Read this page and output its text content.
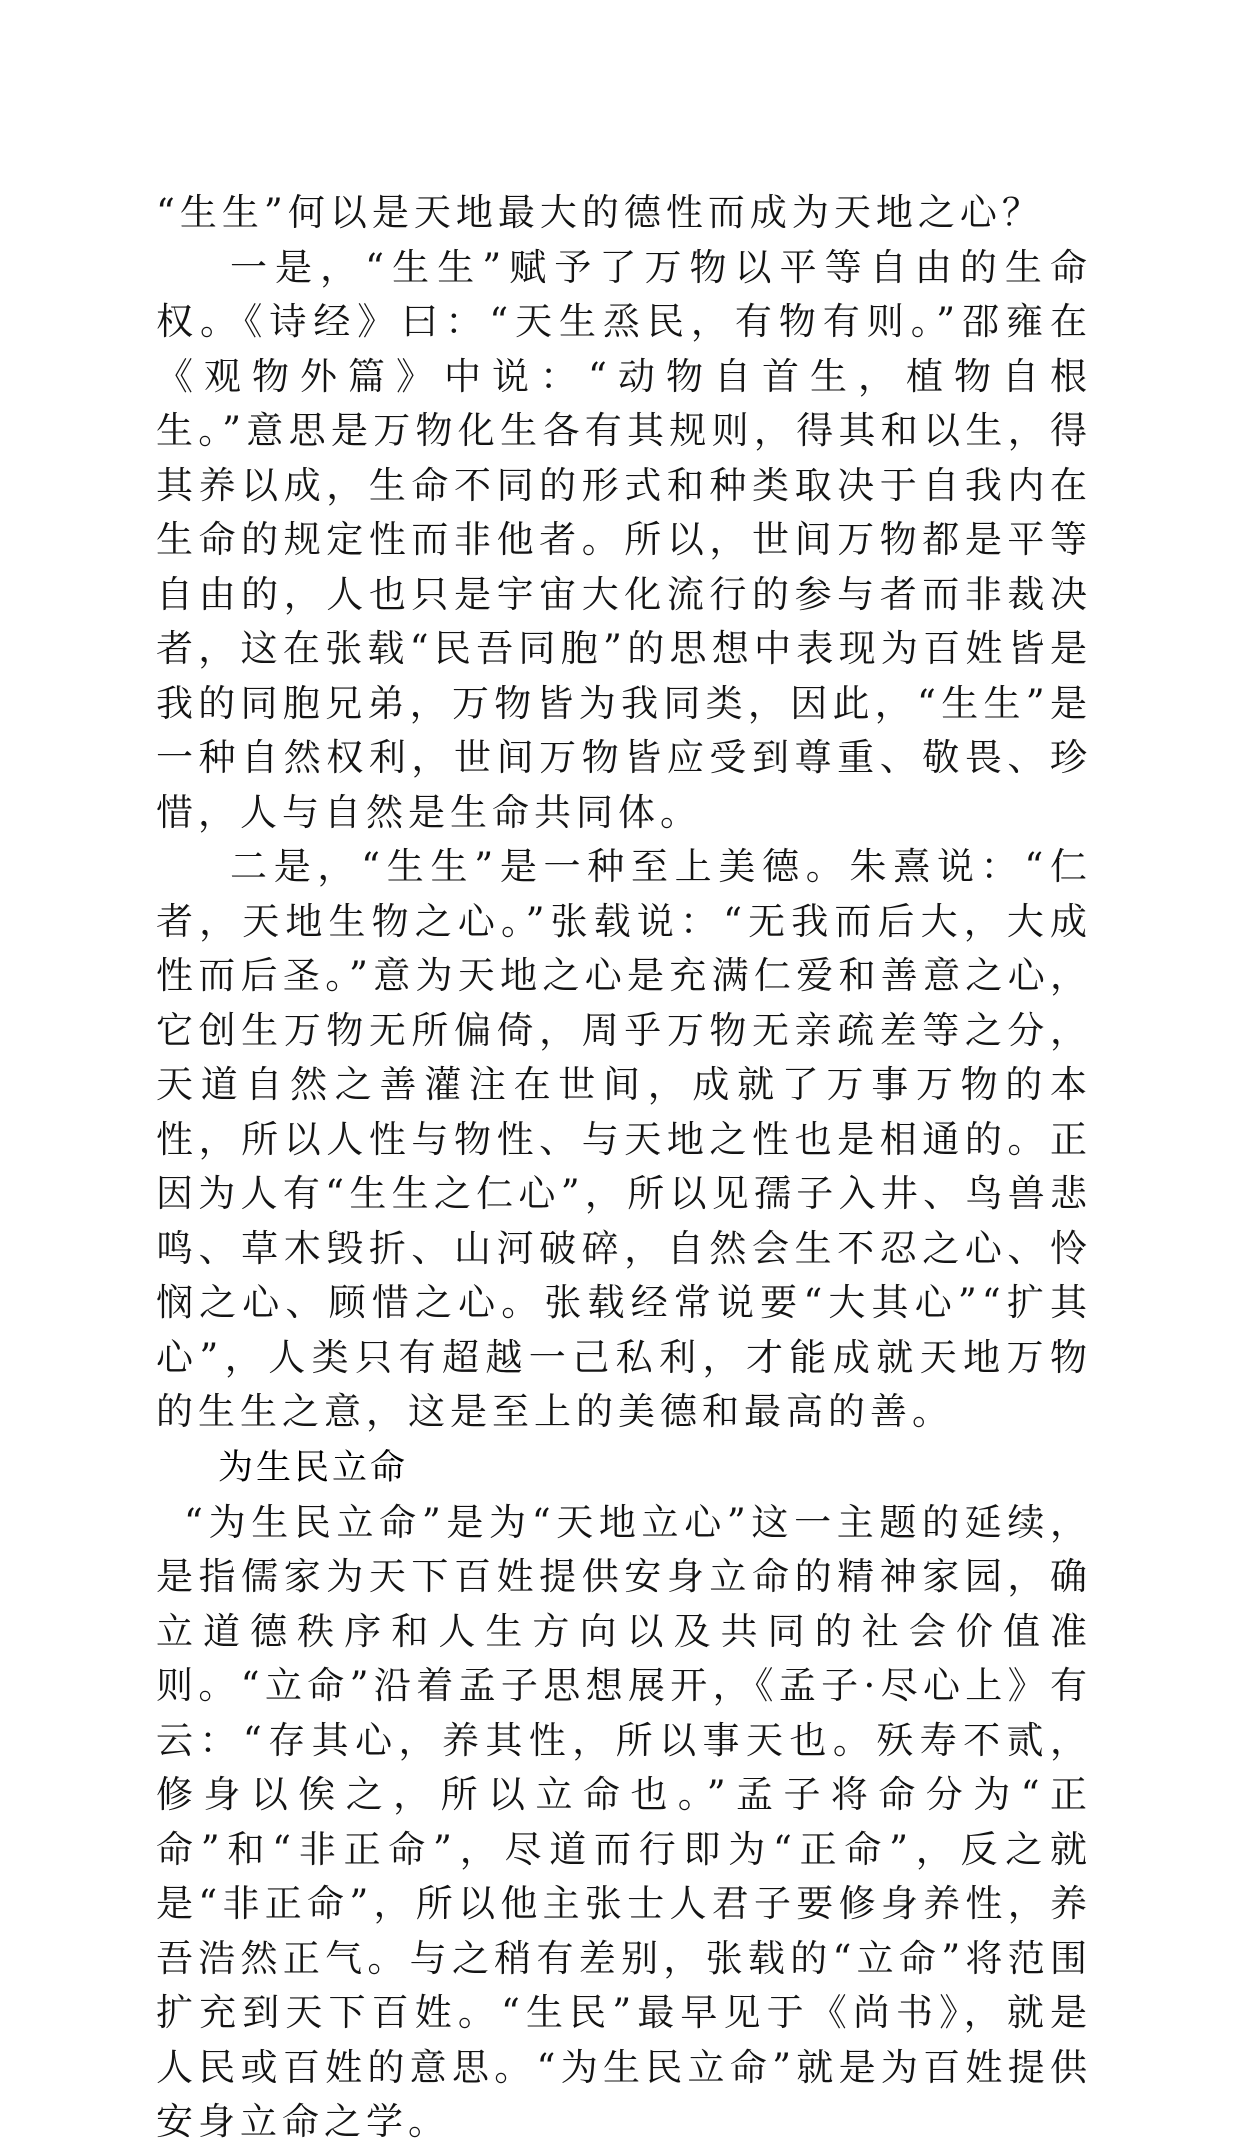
“生生”何以是天地最大的德性而成为天地之心？

一是，“生生”赋予了万物以平等自由的生命权。《诗经》曰：“天生烝民，有物有则。”邵雍在《观物外篇》中说：“动物自首生，植物自根生。”意思是万物化生各有其规则，得其和以生，得其养以成，生命不同的形式和种类取决于自我内在生命的规定性而非他者。所以，世间万物都是平等自由的，人也只是宇宙大化流行的参与者而非裁决者，这在张载“民吾同胞”的思想中表现为百姓皆是我的同胞兄弟，万物皆为我同类，因此，“生生”是一种自然权利，世间万物皆应受到尊重、敬畏、珍惜，人与自然是生命共同体。

二是，“生生”是一种至上美德。朱熹说：“仁者，天地生物之心。”张载说：“无我而后大，大成性而后圣。”意为天地之心是充满仁爱和善意之心，它创生万物无所偏倚，周乎万物无亲疏差等之分，天道自然之善灌注在世间，成就了万事万物的本性，所以人性与物性、与天地之性也是相通的。正因为人有“生生之仁心”，所以见孺子入井、鸟兽悲鸣、草木毁折、山河破碎，自然会生不忍之心、怜悯之心、顾惜之心。张载经常说要“大其心”“扩其心”，人类只有超越一己私利，才能成就天地万物的生生之意，这是至上的美德和最高的善。

为生民立命

“为生民立命”是为“天地立心”这一主题的延续，是指儒家为天下百姓提供安身立命的精神家园，确立道德秩序和人生方向以及共同的社会价值准则。“立命”沿着孟子思想展开，《孟子·尽心上》有云：“存其心，养其性，所以事天也。殀寿不贰，修身以俟之，所以立命也。”孟子将命分为“正命”和“非正命”，尽道而行即为“正命”，反之就是“非正命”，所以他主张士人君子要修身养性，养吾浩然正气。与之稍有差别，张载的“立命”将范围扩充到天下百姓。“生民”最早见于《尚书》，就是人民或百姓的意思。“为生民立命”就是为百姓提供安身立命之学。
